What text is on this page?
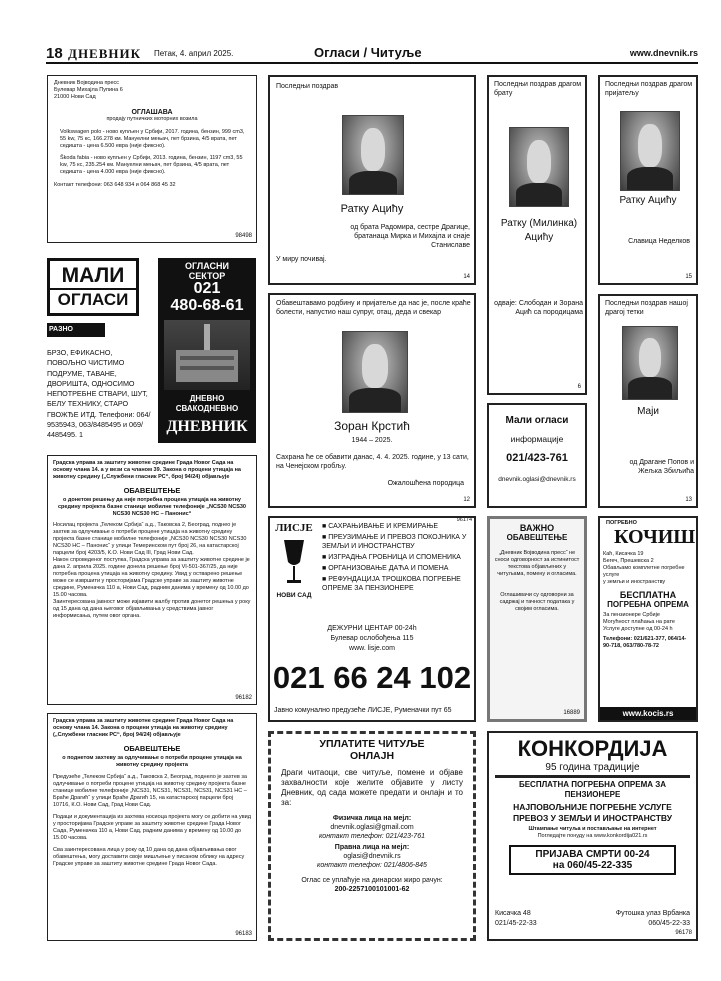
18 ДНЕВНИК Петак, 4. април 2025.	Огласи / Читуље	www.dnevnik.rs
Дневник Војводина пресс
Булевар Михајла Пупина 6
21000 Нови Сад
ОГЛАШАВА
продају путничких моторних возила
Volkswagen polo - ново купљен у Србији, 2017. година, бензин, 999 cm3, 55 kw, 75 кс, 166.278 км. Мануелни мењач, пет брзина, 4/5 врата, пет седишта - цена 6.500 евра (није фиксно).
Škoda fabia - ново купљен у Србији, 2013. година, бензин, 1197 cm3, 55 kw, 75 кс, 235.254 км. Мануелни мењач, пет брзина, 4/5 врата, пет седишта - цена 4.000 евра (није фиксно).
Контакт телефони: 063 648 934 и 064 868 45 32
98498
МАЛИ
ОГЛАСИ
РАЗНО
БРЗО, ЕФИКАСНО, ПОВОЉНО ЧИСТИМО ПОДРУМЕ, ТАВАНЕ, ДВОРИШТА, ОДНОСИМО НЕПОТРЕБНЕ СТВАРИ, ШУТ, БЕЛУ ТЕХНИКУ, СТАРО ГВОЖЂЕ ИТД. Телефони: 064/ 9535943, 063/8485495 и 069/ 4485495. 1
ОГЛАСНИ СЕКТОР
021
480-68-61
ДНЕВНО
СВАКОДНЕВНО
ДНЕВНИК
Градска управа за заштиту животне средине Града Новог Сада на основу члана 14. а у вези са чланом 39. Закона о процени утицаја на животну средину („Службени гласник РС“, број 94/24) објављује
ОБАВЕШТЕЊЕ
о донетом решењу да није потребна процена утицаја на животну средину пројекта базне станице мобилне телефоније „NCS30 NCS30 NCS30 NCS30 НС – Панонис“
Носилац пројекта „Телеком Србија“ а.д., Таковска 2, Београд, поднео је захтев за одлучивање о потреби процене утицаја на животну средину пројекта базне станице мобилне телефоније „NCS30 NCS30 NCS30 NCS30 NCS30 НС – Панонис“ у улици Темеринском пут број 26, на катастарској парцели број 4203/5, К.О. Нови Сад III, Град Нови Сад.
Након спроведеног поступка, Градска управа за заштиту животне средине је дана 2. априла 2025. године донела решење број VI-501-367/25, да није потребна процена утицаја на животну средину. Увид у остварено решење може се извршити у просторијама Градске управе за заштиту животне средине, Руменачка 110 а, Нови Сад, радним данима у времену од 10.00 до 15.00 часова.
Заинтересована јавност може изјавити жалбу против донетог решења у року од 15 дана од дана његовог објављивања у средствима јавног информисања, путем овог органа.
96182
Градска управа за заштиту животне средине Града Новог Сада на основу члана 14. Закона о процени утицаја на животну средину („Службени гласник РС“, број 94/24) објављује
ОБАВЕШТЕЊЕ
о поднетом захтеву за одлучивање о потреби процене утицаја на животну средину пројекта
Предузеће „Телеком Србија“ а.д., Таковска 2, Београд, поднело је захтев за одлучивање о потреби процене утицаја на животну средину пројекта базне станице мобилне телефоније „NCS31, NCS31, NCS31, NCS31, NCS31 НС – Браће Драгић“ у улици Браће Драгић 15, на катастарској парцели број 10716, К.О. Нови Сад, Град Нови Сад.
Подаци и документација из захтева носиоца пројекта могу се добити на увид у просторијама Градске управе за заштиту животне средине Града Новог Сада, Руменачка 110 а, Нови Сад, радним данима у времену од 10.00 до 15.00 часова.
Сва заинтересована лица у року од 10 дана од дана објављивања овог обавештења, могу доставити своје мишљење у писаном облику на адресу Градске управе за заштиту животне средине Града Новог Сада.
96183
Последњи поздрав
Ратку Ацићу
од брата Радомира, сестре Драгице, братанаца Мирка и Михајла и снаје Станиславе
У миру почивај.
14
Обавештавамо родбину и пријатеље да нас је, после краће болести, напустио наш супруг, отац, деда и свекар
Зоран Крстић
1944 – 2025.
Сахрана ће се обавити данас, 4. 4. 2025. године, у 13 сати, на Ченејском гробљу.
Ожалошћена породица
12
Последњи поздрав драгом брату
Ратку (Милинка) Ацићу
одваје: Слободан и Зорана Ацић са породицама
6
Мали огласи
информације
021/423-761
dnevnik.oglasi@dnevnik.rs
Последњи поздрав драгом пријатељу
Ратку Ацићу
Славица Неделков
15
Последњи поздрав нашој драгој тетки
Маји
од Драгане Попов и Жељка Збиљића
13
ЛИСЈЕ
НОВИ САД
■ САХРАЊИВАЊЕ И КРЕМИРАЊЕ
■ ПРЕУЗИМАЊЕ И ПРЕВОЗ ПОКОЈНИКА У ЗЕМЉИ И ИНОСТРАНСТВУ
■ ИЗГРАДЊА ГРОБНИЦА И СПОМЕНИКА
■ ОРГАНИЗОВАЊЕ ДАЋА И ПОМЕНА
■ РЕФУНДАЦИЈА ТРОШКОВА ПОГРЕБНЕ ОПРЕМЕ ЗА ПЕНЗИОНЕРЕ
ДЕЖУРНИ ЦЕНТАР 00-24h
Булевар ослобођења 115
www. lisje.com
021 66 24 102
Јавно комунално предузеће ЛИСЈЕ, Руменачки пут 65
96174
ВАЖНО
ОБАВЕШТЕЊЕ
„Дневник Војводина пресс“ не сноси одговорност за истинитост текстова објављених у читуљама, помену и огласима.
Оглашивачи су одговорни за садржај и тачност података у својим огласима.
16889
ПОГРЕБНО
КОЧИШ
Каћ, Кисачка 19
Бегеч, Прешевска 2
Обављамо комплетне погребне услуге
у земљи и иностранству
БЕСПЛАТНА
ПОГРЕБНА ОПРЕМА
За пензионере Србије
Могућност плаћања на рате
Услуге доступне од 00-24 h
Телефони: 021/621-377, 064/14-90-718, 063/780-78-72
www.kocis.rs
УПЛАТИТЕ ЧИТУЉЕ
ОНЛАЈН
Драги читаоци, све читуље, помене и објаве захвалности које желите објавите у листу Дневник, од сада можете предати и онлајн и то за:
Физичка лица на мејл:
dnevnik.oglasi@gmail.com
контакт телефон: 021/423-761
Правна лица на мејл:
oglasi@dnevnik.rs
контакт телефон: 021/4806-845
Оглас се уплаћује на динарски жиро рачун:
200-2257100101001-62
КОНКОРДИЈА
95 година традиције
БЕСПЛАТНА ПОГРЕБНА ОПРЕМА ЗА ПЕНЗИОНЕРЕ
НАЈПОВОЉНИЈЕ ПОГРЕБНЕ УСЛУГЕ
ПРЕВОЗ У ЗЕМЉИ И ИНОСТРАНСТВУ
Штампање читуља и постављање на интернет
Погледајте понуду на www.konkordija021.rs
ПРИЈАВА СМРТИ 00-24
на 060/45-22-335
Кисачка 48
021/45-22-33
Футошка улаз Врбанка
060/45-22-33
96178
